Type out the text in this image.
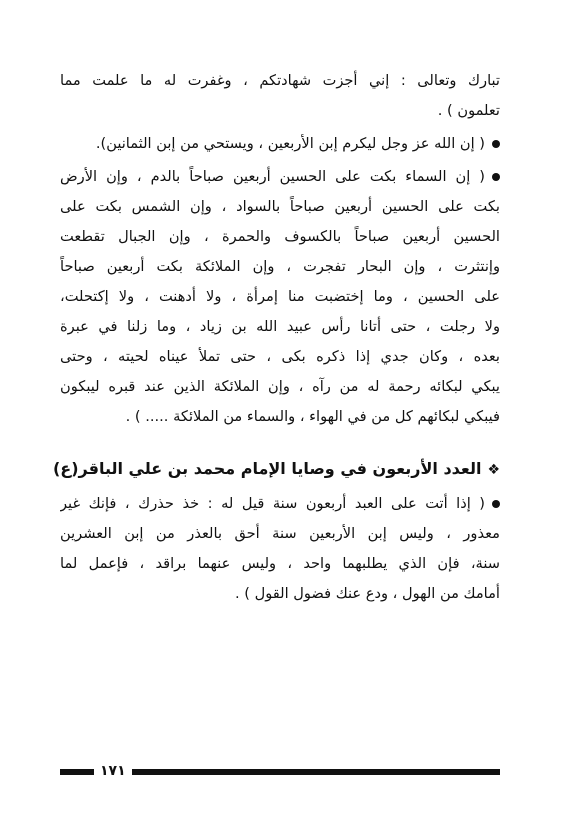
تبارك وتعالى : إني أجزت شهادتكم ، وغفرت له ما علمت مما
تعلمون ) .
( إن الله عز وجل ليكرم إبن الأربعين ، ويستحي من إبن الثمانين).
( إن السماء بكت على الحسين أربعين صباحاً بالدم ، وإن الأرض
بكت على الحسين أربعين صباحاً بالسواد ، وإن الشمس بكت على
الحسين أربعين صباحاً بالكسوف والحمرة ، وإن الجبال تقطعت
وإنتثرت ، وإن البحار تفجرت ، وإن الملائكة بكت أربعين صباحاً
على الحسين ، وما إختضبت منا إمرأة ، ولا أدهنت ، ولا إكتحلت،
ولا رجلت ، حتى أتانا رأس عبيد الله بن زياد ، وما زلنا في عبرة
بعده ، وكان جدي إذا ذكره بكى ، حتى تملأ عيناه لحيته ، وحتى
يبكي لبكائه رحمة له من رآه ، وإن الملائكة الذين عند قبره ليبكون
فيبكي لبكائهم كل من في الهواء ، والسماء من الملائكة ..... ) .
❖العدد الأربعون في وصايا الإمام محمد بن علي الباقر(ع)
( إذا أتت على العبد أربعون سنة قيل له : خذ حذرك ، فإنك غير
معذور ، وليس إبن الأربعين سنة أحق بالعذر من إبن العشرين
سنة، فإن الذي يطلبهما واحد ، وليس عنهما براقد ، فإعمل لما
أمامك من الهول ، ودع عنك فضول القول ) .
١٧١
